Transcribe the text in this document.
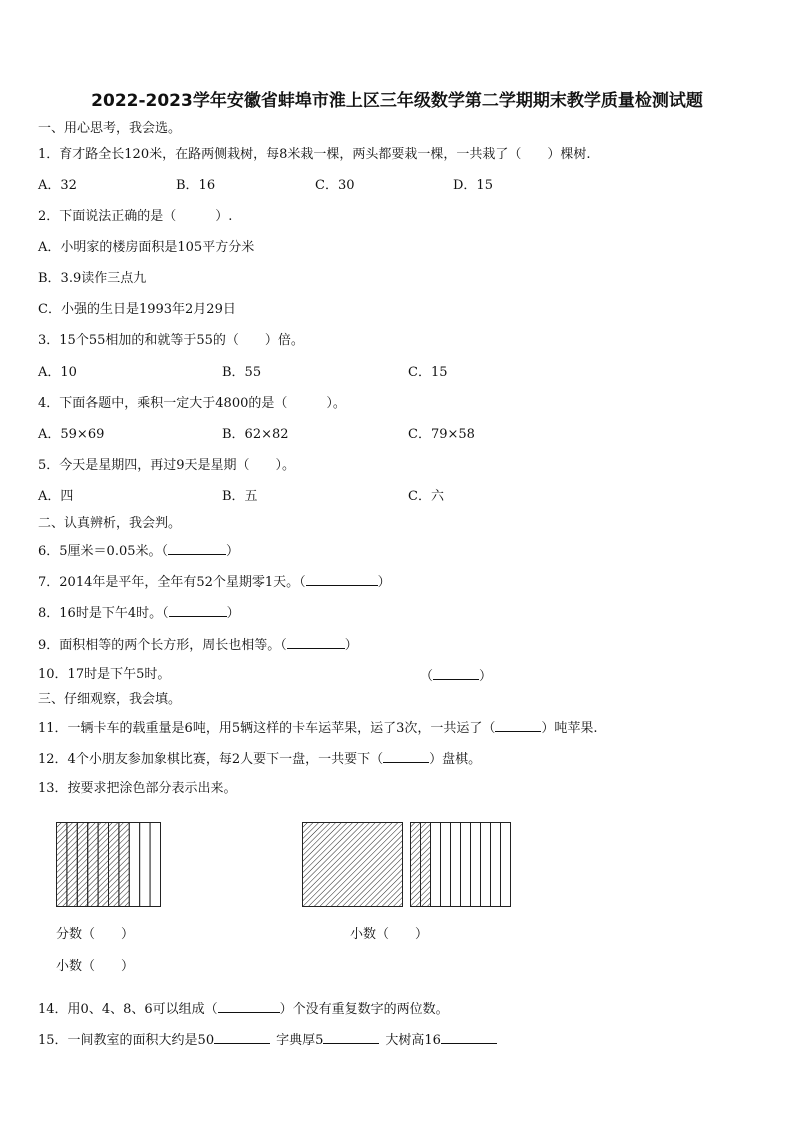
2022-2023学年安徽省蚌埠市淮上区三年级数学第二学期期末教学质量检测试题
一、用心思考，我会选。
1．育才路全长120米，在路两侧栽树，每8米栽一棵，两头都要栽一棵，一共栽了（　　）棵树.
A．32	B．16	C．30	D．15
2．下面说法正确的是（　　　）.
A．小明家的楼房面积是105平方分米
B．3.9读作三点九
C．小强的生日是1993年2月29日
3．15个55相加的和就等于55的（　　）倍。
A．10	B．55	C．15
4．下面各题中，乘积一定大于4800的是（　　　）。
A．59×69	B．62×82	C．79×58
5．今天是星期四，再过9天是星期（　　）。
A．四	B．五	C．六
二、认真辨析，我会判。
6．5厘米＝0.05米。（	）
7．2014年是平年，全年有52个星期零1天。（	）
8．16时是下午4时。（	）
9．面积相等的两个长方形，周长也相等。（	）
10．17时是下午5时。	（	）
三、仔细观察，我会填。
11．一辆卡车的载重量是6吨，用5辆这样的卡车运苹果，运了3次，一共运了（	）吨苹果.
12．4个小朋友参加象棋比赛，每2人要下一盘，一共要下（	）盘棋。
13．按要求把涂色部分表示出来。
分数（　　）	小数（　　）
小数（　　）
14．用0、4、8、6可以组成（	）个没有重复数字的两位数。
15．一间教室的面积大约是50	字典厚5	大树高16
